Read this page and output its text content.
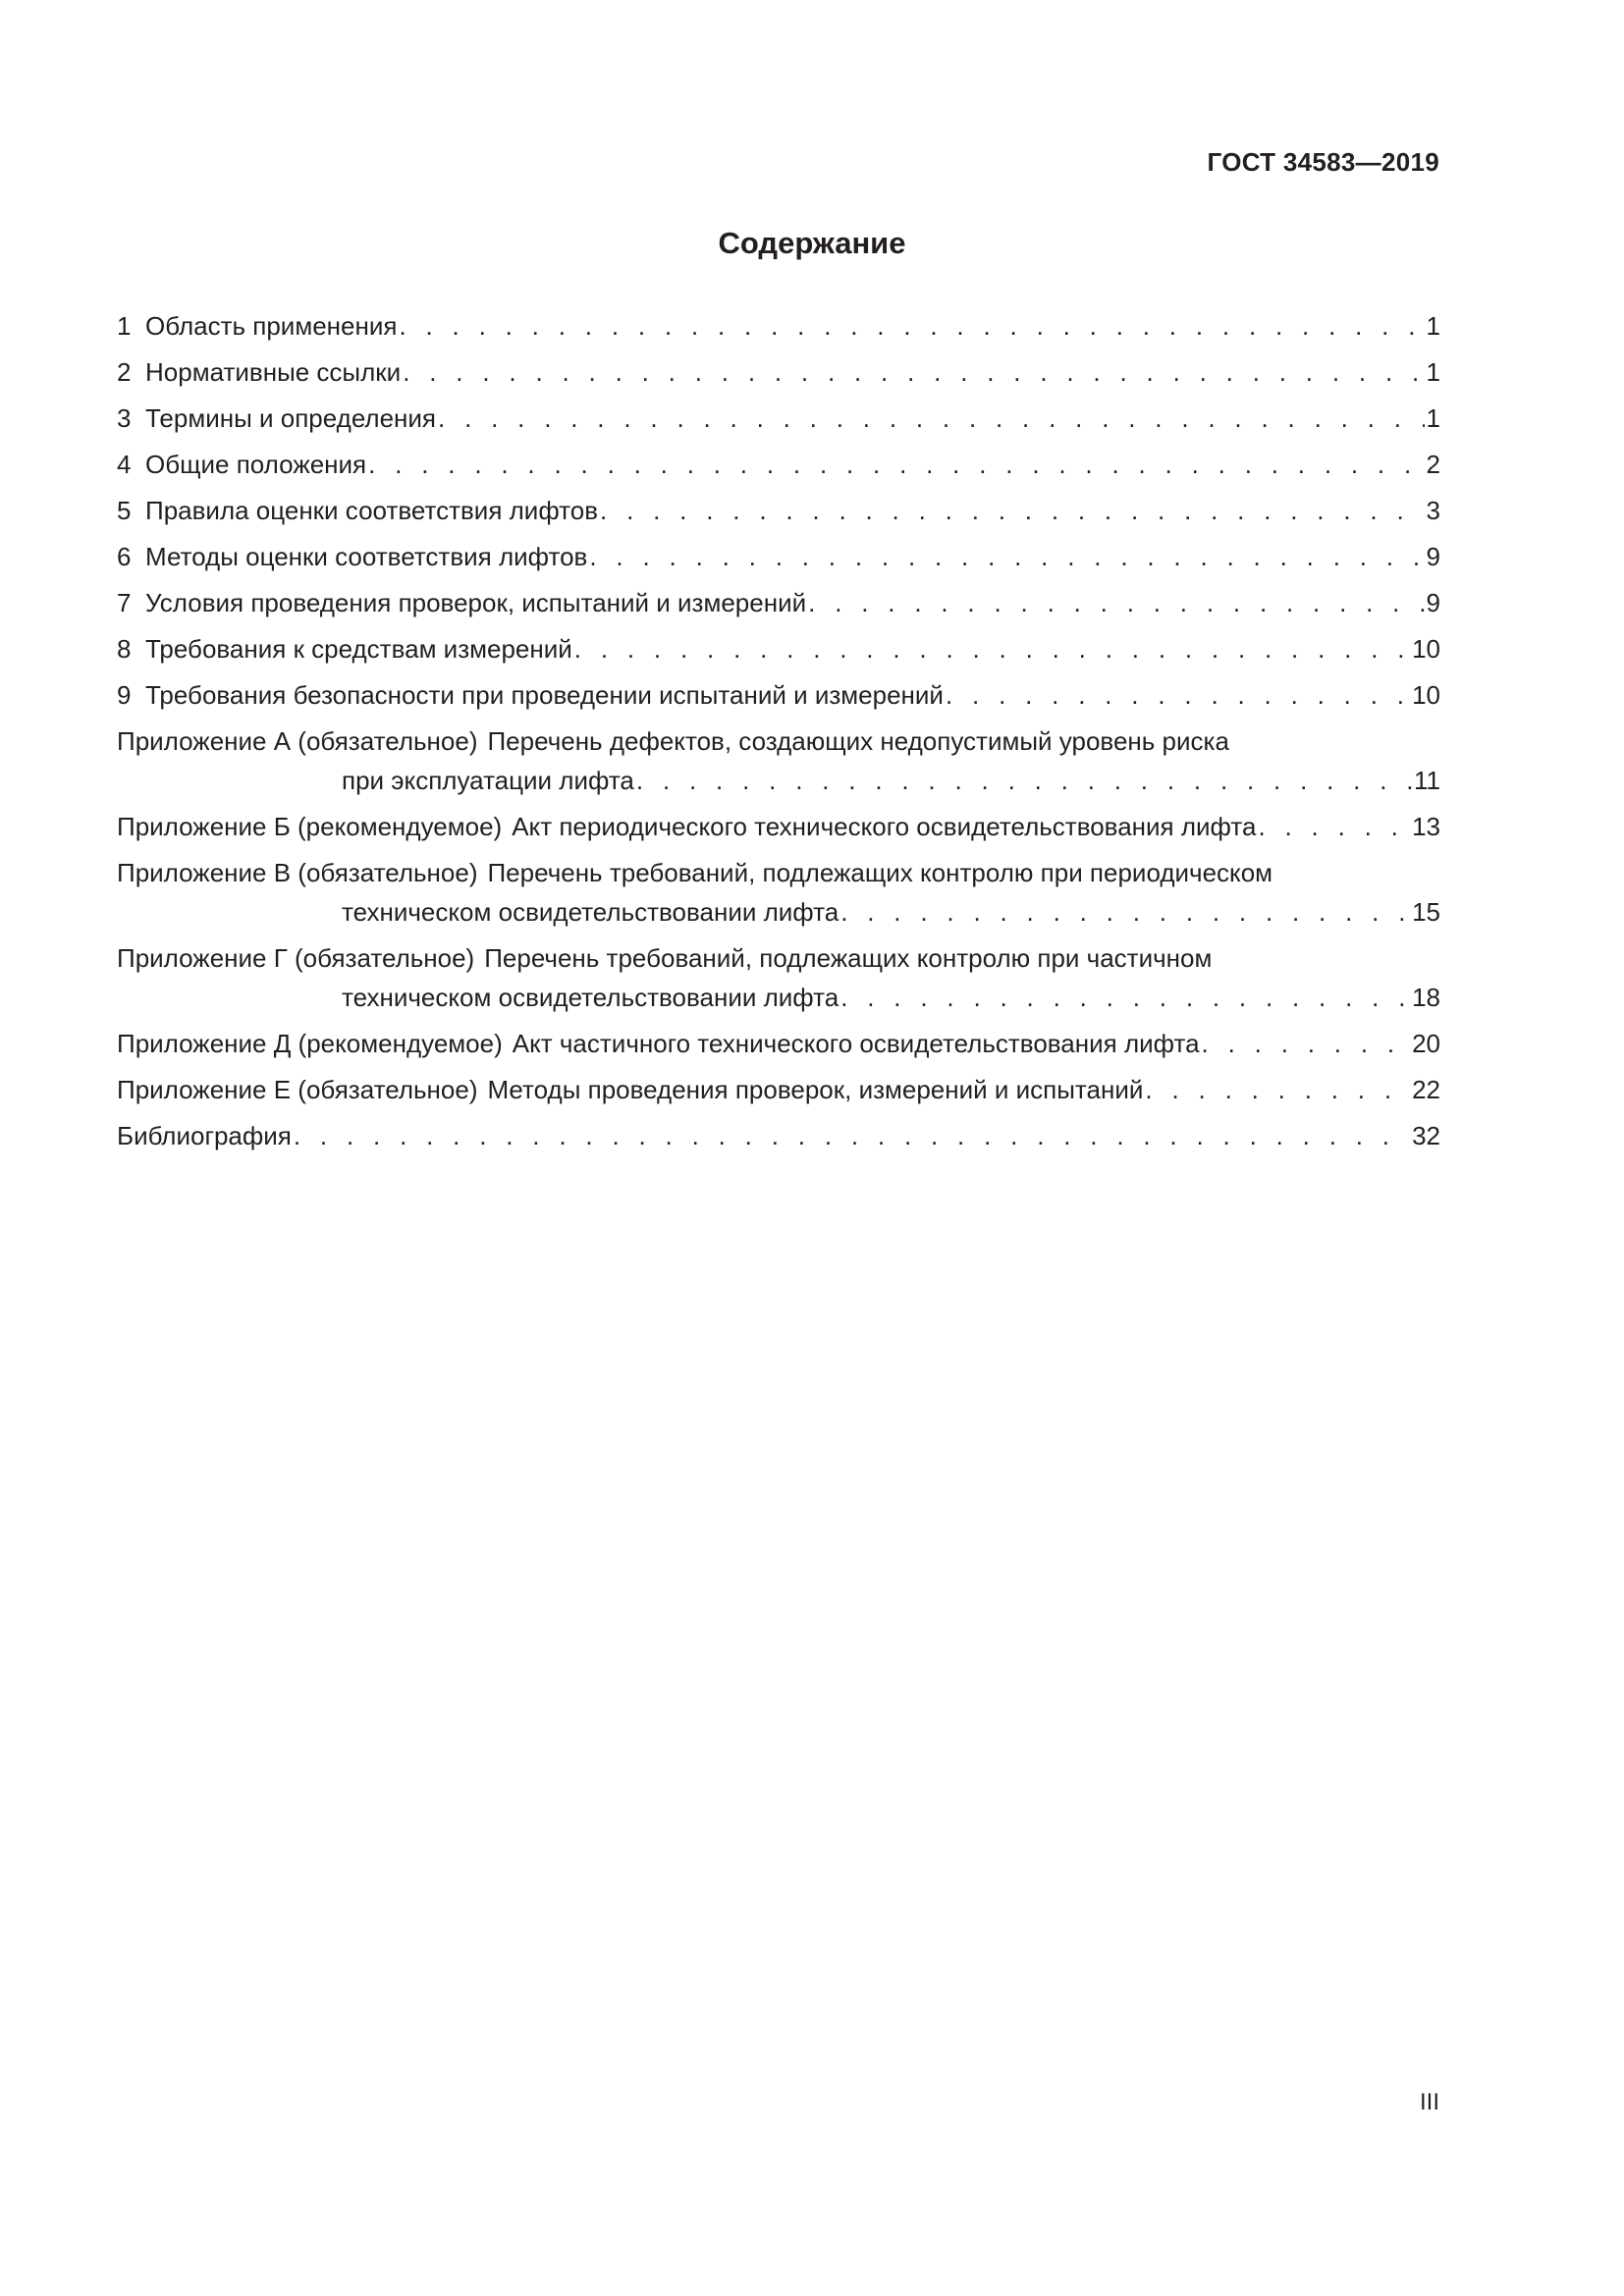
ГОСТ 34583—2019
Содержание
1 Область применения . . .	1
2 Нормативные ссылки . . .	1
3 Термины и определения . . .	1
4 Общие положения . . .	2
5 Правила оценки соответствия лифтов . . .	3
6 Методы оценки соответствия лифтов . . .	9
7 Условия проведения проверок, испытаний и измерений . . .	9
8 Требования к средствам измерений . . .	10
9 Требования безопасности при проведении испытаний и измерений . . .	10
Приложение А (обязательное) Перечень дефектов, создающих недопустимый уровень риска
при эксплуатации лифта . . .	11
Приложение Б (рекомендуемое) Акт периодического технического освидетельствования лифта . . .	13
Приложение В (обязательное) Перечень требований, подлежащих контролю при периодическом
техническом освидетельствовании лифта . . .	15
Приложение Г (обязательное) Перечень требований, подлежащих контролю при частичном
техническом освидетельствовании лифта . . .	18
Приложение Д (рекомендуемое) Акт частичного технического освидетельствования лифта . . .	20
Приложение Е (обязательное) Методы проведения проверок, измерений и испытаний . . .	22
Библиография . . .	32
III
